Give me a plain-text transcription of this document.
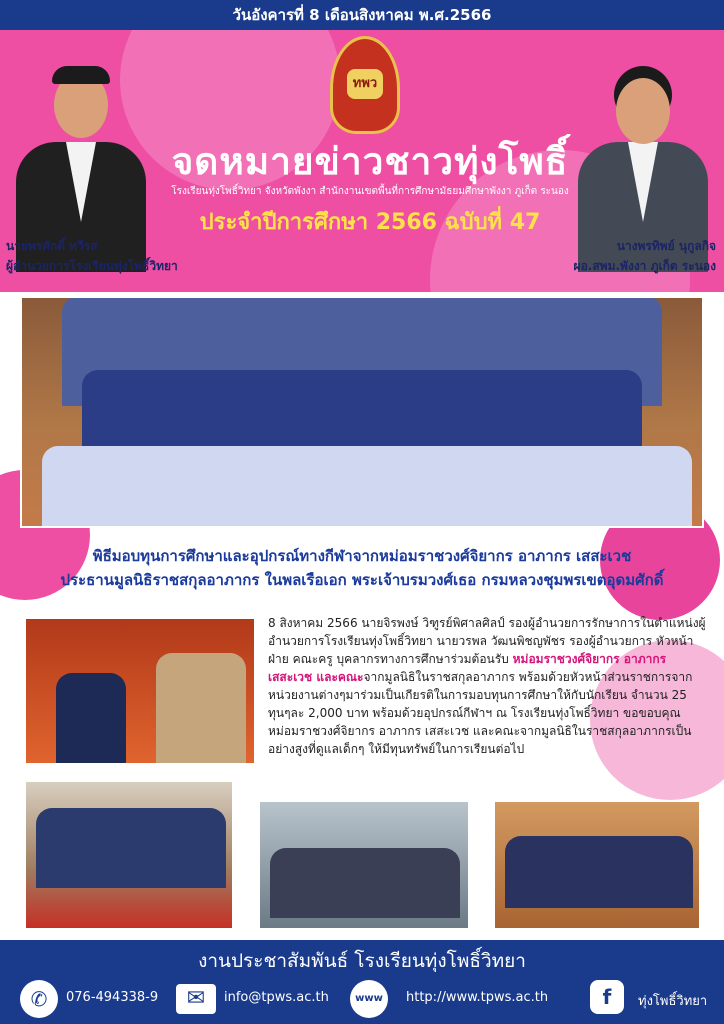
วันอังคารที่ 8 เดือนสิงหาคม พ.ศ.2566
ทพว
จดหมายข่าวชาวทุ่งโพธิ์
โรงเรียนทุ่งโพธิ์วิทยา จังหวัดพังงา สำนักงานเขตพื้นที่การศึกษามัธยมศึกษาพังงา ภูเก็ต ระนอง
ประจำปีการศึกษา 2566 ฉบับที่ 47
นายพรศักดิ์ ทวีรส
ผู้อำนวยการโรงเรียนทุ่งโพธิ์วิทยา
นางพรทิพย์ นุกูลกิจ
ผอ.สพม.พังงา ภูเก็ต ระนอง
พิธีมอบทุนการศึกษาและอุปกรณ์ทางกีฬาจากหม่อมราชวงศ์จิยากร อาภากร เสสะเวช
ประธานมูลนิธิราชสกุลอาภากร ในพลเรือเอก พระเจ้าบรมวงศ์เธอ กรมหลวงชุมพรเขตอุดมศักดิ์
8 สิงหาคม 2566 นายจิรพงษ์ วิฑูรย์พิศาลศิลป์ รองผู้อำนวยการรักษาการในตำแหน่งผู้อำนวยการโรงเรียนทุ่งโพธิ์วิทยา นายวรพล วัฒนพิชญพัชร รองผู้อำนวยการ หัวหน้าฝ่าย คณะครู บุคลากรทางการศึกษาร่วมต้อนรับ หม่อมราชวงศ์จิยากร อาภากร เสสะเวช และคณะจากมูลนิธิในราชสกุลอาภากร พร้อมด้วยหัวหน้าส่วนราชการจากหน่วยงานต่างๆมาร่วมเป็นเกียรติในการมอบทุนการศึกษาให้กับนักเรียน จำนวน 25 ทุนๆละ 2,000 บาท พร้อมด้วยอุปกรณ์กีฬาฯ ณ โรงเรียนทุ่งโพธิ์วิทยา ขอขอบคุณหม่อมราชวงศ์จิยากร อาภากร เสสะเวช และคณะจากมูลนิธิในราชสกุลอาภากรเป็นอย่างสูงที่ดูแลเด็กๆ ให้มีทุนทรัพย์ในการเรียนต่อไป
งานประชาสัมพันธ์ โรงเรียนทุ่งโพธิ์วิทยา
✆	076-494338-9	✉	info@tpws.ac.th	www	http://www.tpws.ac.th	f	ทุ่งโพธิ์วิทยา
